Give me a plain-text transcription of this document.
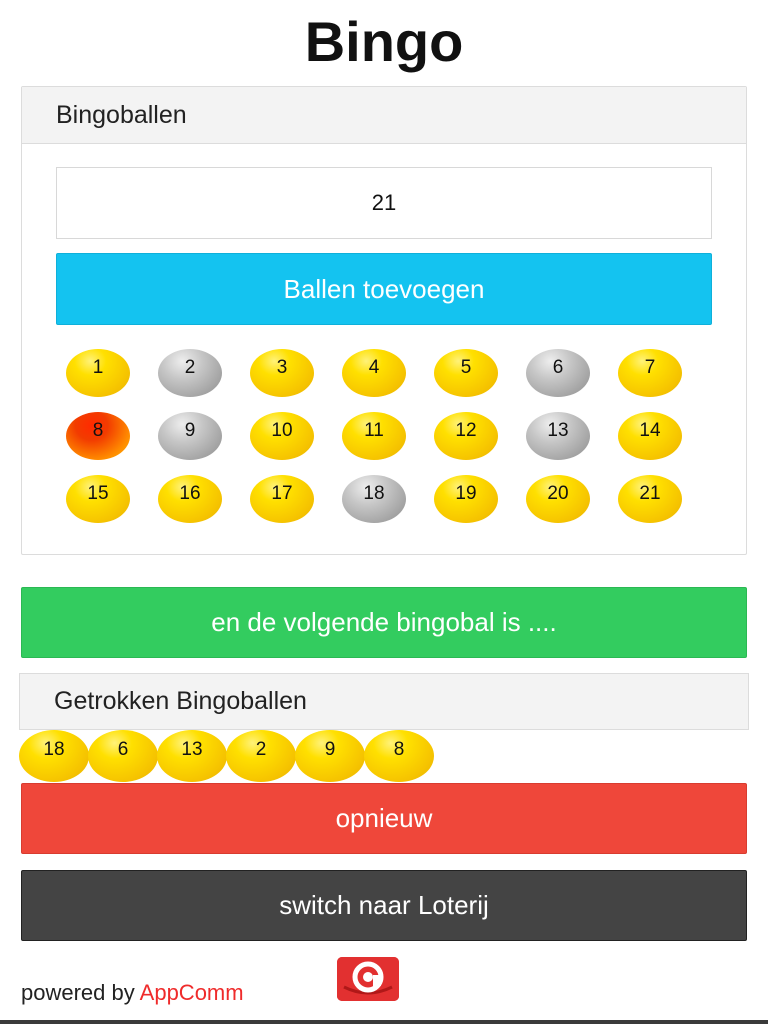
Bingo
Bingoballen
21
Ballen toevoegen
1	2	3	4	5	6	7
8	9	10	11	12	13	14
15	16	17	18	19	20	21
en de volgende bingobal is ....
Getrokken Bingoballen
18	6	13	2	9	8
opnieuw
switch naar Loterij
powered by AppComm
